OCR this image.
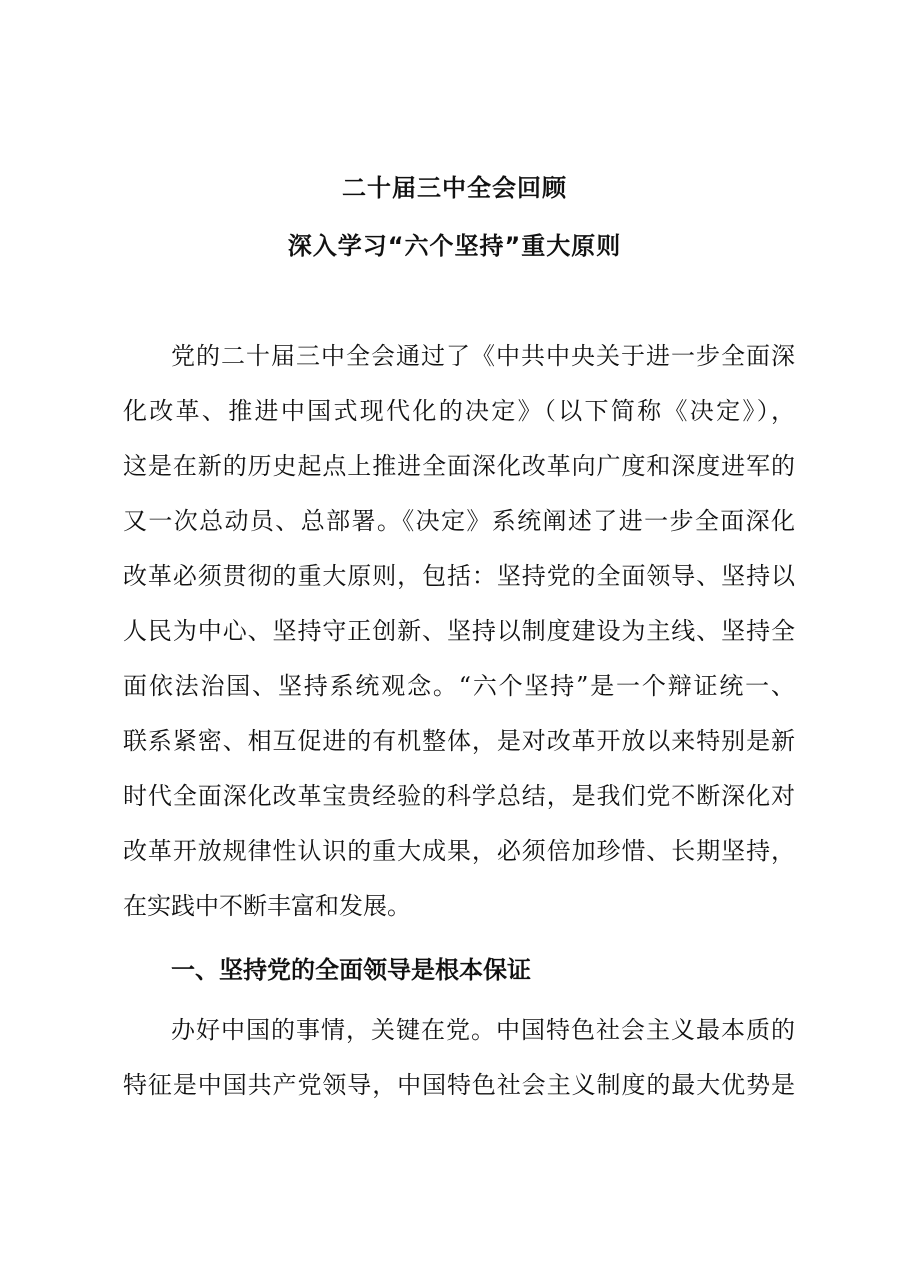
二十届三中全会回顾
深入学习“六个坚持”重大原则
党的二十届三中全会通过了《中共中央关于进一步全面深
化改革、推进中国式现代化的决定》（以下简称《决定》），
这是在新的历史起点上推进全面深化改革向广度和深度进军的
又一次总动员、总部署。《决定》系统阐述了进一步全面深化
改革必须贯彻的重大原则，包括：坚持党的全面领导、坚持以
人民为中心、坚持守正创新、坚持以制度建设为主线、坚持全
面依法治国、坚持系统观念。“六个坚持”是一个辩证统一、
联系紧密、相互促进的有机整体，是对改革开放以来特别是新
时代全面深化改革宝贵经验的科学总结，是我们党不断深化对
改革开放规律性认识的重大成果，必须倍加珍惜、长期坚持，
在实践中不断丰富和发展。
一、坚持党的全面领导是根本保证
办好中国的事情，关键在党。中国特色社会主义最本质的
特征是中国共产党领导，中国特色社会主义制度的最大优势是
